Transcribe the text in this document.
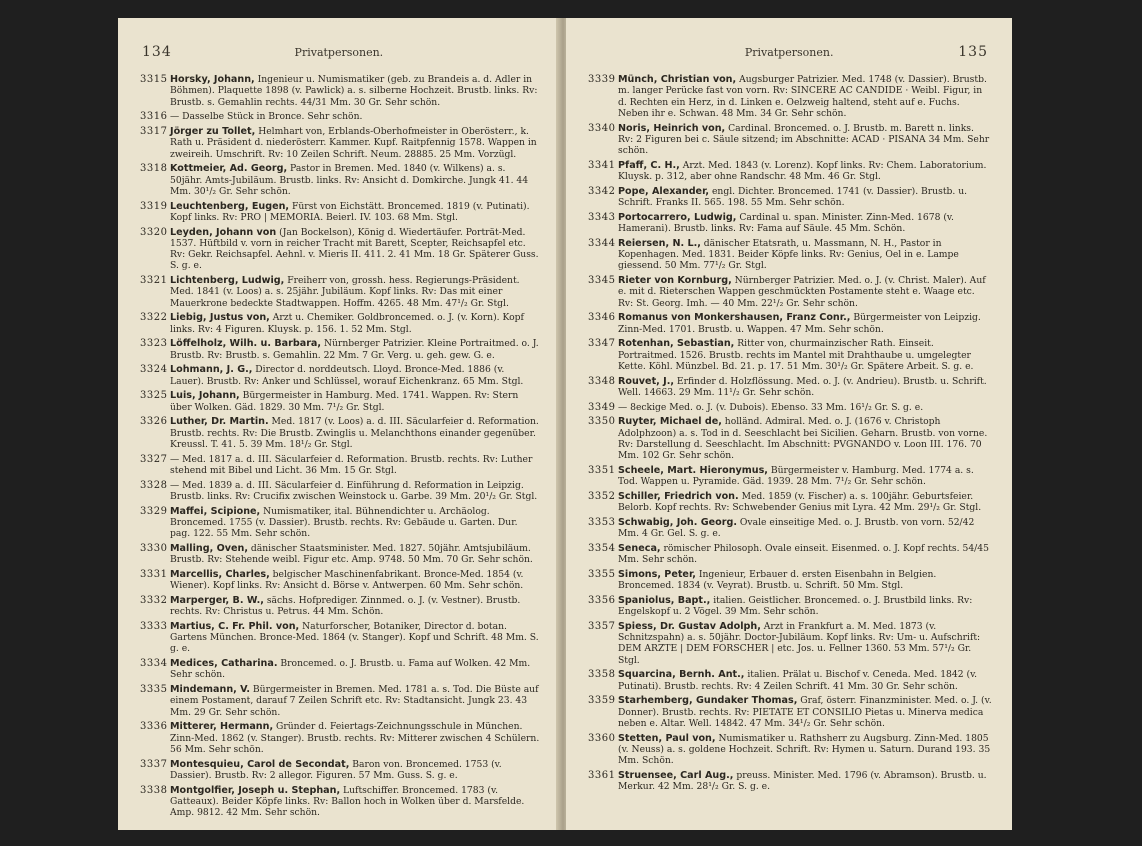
134	Privatpersonen.
3315 Horsky, Johann, Ingenieur u. Numismatiker (geb. zu Brandeis a. d. Adler in Böhmen). Plaquette 1898 (v. Pawlick) a. s. silberne Hochzeit. Brustb. links. Rv: Brustb. s. Gemahlin rechts. 44/31 Mm. 30 Gr. Sehr schön.
3316 — Dasselbe Stück in Bronce. Sehr schön.
3317 Jörger zu Tollet, Helmhart von, Erblands-Oberhofmeister in Oberösterr., k. Rath u. Präsident d. niederösterr. Kammer. Kupf. Raitpfennig 1578. Wappen in zweireih. Umschrift. Rv: 10 Zeilen Schrift. Neum. 28885. 25 Mm. Vorzügl.
3318 Kottmeier, Ad. Georg, Pastor in Bremen. Med. 1840 (v. Wilkens) a. s. 50jähr. Amts-Jubiläum. Brustb. links. Rv: Ansicht d. Domkirche. Jungk 41. 44 Mm. 30¹/₂ Gr. Sehr schön.
3319 Leuchtenberg, Eugen, Fürst von Eichstätt. Broncemed. 1819 (v. Putinati). Kopf links. Rv: PRO | MEMORIA. Beierl. IV. 103. 68 Mm. Stgl.
3320 Leyden, Johann von (Jan Bockelson), König d. Wiedertäufer. Porträt-Med. 1537. Hüftbild v. vorn in reicher Tracht mit Barett, Scepter, Reichsapfel etc. Rv: Gekr. Reichsapfel. Aehnl. v. Mieris II. 411. 2. 41 Mm. 18 Gr. Späterer Guss. S. g. e.
3321 Lichtenberg, Ludwig, Freiherr von, grossh. hess. Regierungs-Präsident. Med. 1841 (v. Loos) a. s. 25jähr. Jubiläum. Kopf links. Rv: Das mit einer Mauerkrone bedeckte Stadtwappen. Hoffm. 4265. 48 Mm. 47¹/₂ Gr. Stgl.
3322 Liebig, Justus von, Arzt u. Chemiker. Goldbroncemed. o. J. (v. Korn). Kopf links. Rv: 4 Figuren. Kluysk. p. 156. 1. 52 Mm. Stgl.
3323 Löffelholz, Wilh. u. Barbara, Nürnberger Patrizier. Kleine Portraitmed. o. J. Brustb. Rv: Brustb. s. Gemahlin. 22 Mm. 7 Gr. Verg. u. geh. gew. G. e.
3324 Lohmann, J. G., Director d. norddeutsch. Lloyd. Bronce-Med. 1886 (v. Lauer). Brustb. Rv: Anker und Schlüssel, worauf Eichenkranz. 65 Mm. Stgl.
3325 Luis, Johann, Bürgermeister in Hamburg. Med. 1741. Wappen. Rv: Stern über Wolken. Gäd. 1829. 30 Mm. 7¹/₂ Gr. Stgl.
3326 Luther, Dr. Martin. Med. 1817 (v. Loos) a. d. III. Säcularfeier d. Reformation. Brustb. rechts. Rv: Die Brustb. Zwinglis u. Melanchthons einander gegenüber. Kreussl. T. 41. 5. 39 Mm. 18¹/₂ Gr. Stgl.
3327 — Med. 1817 a. d. III. Säcularfeier d. Reformation. Brustb. rechts. Rv: Luther stehend mit Bibel und Licht. 36 Mm. 15 Gr. Stgl.
3328 — Med. 1839 a. d. III. Säcularfeier d. Einführung d. Reformation in Leipzig. Brustb. links. Rv: Crucifix zwischen Weinstock u. Garbe. 39 Mm. 20¹/₂ Gr. Stgl.
3329 Maffei, Scipione, Numismatiker, ital. Bühnendichter u. Archäolog. Broncemed. 1755 (v. Dassier). Brustb. rechts. Rv: Gebäude u. Garten. Dur. pag. 122. 55 Mm. Sehr schön.
3330 Malling, Oven, dänischer Staatsminister. Med. 1827. 50jähr. Amtsjubiläum. Brustb. Rv: Stehende weibl. Figur etc. Amp. 9748. 50 Mm. 70 Gr. Sehr schön.
3331 Marcellis, Charles, belgischer Maschinenfabrikant. Bronce-Med. 1854 (v. Wiener). Kopf links. Rv: Ansicht d. Börse v. Antwerpen. 60 Mm. Sehr schön.
3332 Marperger, B. W., sächs. Hofprediger. Zinnmed. o. J. (v. Vestner). Brustb. rechts. Rv: Christus u. Petrus. 44 Mm. Schön.
3333 Martius, C. Fr. Phil. von, Naturforscher, Botaniker, Director d. botan. Gartens München. Bronce-Med. 1864 (v. Stanger). Kopf und Schrift. 48 Mm. S. g. e.
3334 Medices, Catharina. Broncemed. o. J. Brustb. u. Fama auf Wolken. 42 Mm. Sehr schön.
3335 Mindemann, V. Bürgermeister in Bremen. Med. 1781 a. s. Tod. Die Büste auf einem Postament, darauf 7 Zeilen Schrift etc. Rv: Stadtansicht. Jungk 23. 43 Mm. 29 Gr. Sehr schön.
3336 Mitterer, Hermann, Gründer d. Feiertags-Zeichnungsschule in München. Zinn-Med. 1862 (v. Stanger). Brustb. rechts. Rv: Mitterer zwischen 4 Schülern. 56 Mm. Sehr schön.
3337 Montesquieu, Carol de Secondat, Baron von. Broncemed. 1753 (v. Dassier). Brustb. Rv: 2 allegor. Figuren. 57 Mm. Guss. S. g. e.
3338 Montgolfier, Joseph u. Stephan, Luftschiffer. Broncemed. 1783 (v. Gatteaux). Beider Köpfe links. Rv: Ballon hoch in Wolken über d. Marsfelde. Amp. 9812. 42 Mm. Sehr schön.
Privatpersonen.	135
3339 Münch, Christian von, Augsburger Patrizier. Med. 1748 (v. Dassier). Brustb. m. langer Perücke fast von vorn. Rv: SINCERE AC CANDIDE · Weibl. Figur, in d. Rechten ein Herz, in d. Linken e. Oelzweig haltend, steht auf e. Fuchs. Neben ihr e. Schwan. 48 Mm. 34 Gr. Sehr schön.
3340 Noris, Heinrich von, Cardinal. Broncemed. o. J. Brustb. m. Barett n. links. Rv: 2 Figuren bei c. Säule sitzend; im Abschnitte: ACAD · PISANA 34 Mm. Sehr schön.
3341 Pfaff, C. H., Arzt. Med. 1843 (v. Lorenz). Kopf links. Rv: Chem. Laboratorium. Kluysk. p. 312, aber ohne Randschr. 48 Mm. 46 Gr. Stgl.
3342 Pope, Alexander, engl. Dichter. Broncemed. 1741 (v. Dassier). Brustb. u. Schrift. Franks II. 565. 198. 55 Mm. Sehr schön.
3343 Portocarrero, Ludwig, Cardinal u. span. Minister. Zinn-Med. 1678 (v. Hamerani). Brustb. links. Rv: Fama auf Säule. 45 Mm. Schön.
3344 Reiersen, N. L., dänischer Etatsrath, u. Massmann, N. H., Pastor in Kopenhagen. Med. 1831. Beider Köpfe links. Rv: Genius, Oel in e. Lampe giessend. 50 Mm. 77¹/₂ Gr. Stgl.
3345 Rieter von Kornburg, Nürnberger Patrizier. Med. o. J. (v. Christ. Maler). Auf e. mit d. Rieterschen Wappen geschmückten Postamente steht e. Waage etc. Rv: St. Georg. Imh. — 40 Mm. 22¹/₂ Gr. Sehr schön.
3346 Romanus von Monkershausen, Franz Conr., Bürgermeister von Leipzig. Zinn-Med. 1701. Brustb. u. Wappen. 47 Mm. Sehr schön.
3347 Rotenhan, Sebastian, Ritter von, churmainzischer Rath. Einseit. Portraitmed. 1526. Brustb. rechts im Mantel mit Drahthaube u. umgelegter Kette. Köhl. Münzbel. Bd. 21. p. 17. 51 Mm. 30¹/₂ Gr. Spätere Arbeit. S. g. e.
3348 Rouvet, J., Erfinder d. Holzflössung. Med. o. J. (v. Andrieu). Brustb. u. Schrift. Well. 14663. 29 Mm. 11¹/₂ Gr. Sehr schön.
3349 — 8eckige Med. o. J. (v. Dubois). Ebenso. 33 Mm. 16¹/₂ Gr. S. g. e.
3350 Ruyter, Michael de, holländ. Admiral. Med. o. J. (1676 v. Christoph Adolphzoon) a. s. Tod in d. Seeschlacht bei Sicilien. Geharn. Brustb. von vorne. Rv: Darstellung d. Seeschlacht. Im Abschnitt: PVGNANDO v. Loon III. 176. 70 Mm. 102 Gr. Sehr schön.
3351 Scheele, Mart. Hieronymus, Bürgermeister v. Hamburg. Med. 1774 a. s. Tod. Wappen u. Pyramide. Gäd. 1939. 28 Mm. 7¹/₂ Gr. Sehr schön.
3352 Schiller, Friedrich von. Med. 1859 (v. Fischer) a. s. 100jähr. Geburtsfeier. Belorb. Kopf rechts. Rv: Schwebender Genius mit Lyra. 42 Mm. 29¹/₂ Gr. Stgl.
3353 Schwabig, Joh. Georg. Ovale einseitige Med. o. J. Brustb. von vorn. 52/42 Mm. 4 Gr. Gel. S. g. e.
3354 Seneca, römischer Philosoph. Ovale einseit. Eisenmed. o. J. Kopf rechts. 54/45 Mm. Sehr schön.
3355 Simons, Peter, Ingenieur, Erbauer d. ersten Eisenbahn in Belgien. Broncemed. 1834 (v. Veyrat). Brustb. u. Schrift. 50 Mm. Stgl.
3356 Spaniolus, Bapt., italien. Geistlicher. Broncemed. o. J. Brustbild links. Rv: Engelskopf u. 2 Vögel. 39 Mm. Sehr schön.
3357 Spiess, Dr. Gustav Adolph, Arzt in Frankfurt a. M. Med. 1873 (v. Schnitzspahn) a. s. 50jähr. Doctor-Jubiläum. Kopf links. Rv: Um- u. Aufschrift: DEM ARZTE | DEM FORSCHER | etc. Jos. u. Fellner 1360. 53 Mm. 57¹/₂ Gr. Stgl.
3358 Squarcina, Bernh. Ant., italien. Prälat u. Bischof v. Ceneda. Med. 1842 (v. Putinati). Brustb. rechts. Rv: 4 Zeilen Schrift. 41 Mm. 30 Gr. Sehr schön.
3359 Starhemberg, Gundaker Thomas, Graf, österr. Finanzminister. Med. o. J. (v. Donner). Brustb. rechts. Rv: PIETATE ET CONSILIO Pietas u. Minerva medica neben e. Altar. Well. 14842. 47 Mm. 34¹/₂ Gr. Sehr schön.
3360 Stetten, Paul von, Numismatiker u. Rathsherr zu Augsburg. Zinn-Med. 1805 (v. Neuss) a. s. goldene Hochzeit. Schrift. Rv: Hymen u. Saturn. Durand 193. 35 Mm. Schön.
3361 Struensee, Carl Aug., preuss. Minister. Med. 1796 (v. Abramson). Brustb. u. Merkur. 42 Mm. 28¹/₂ Gr. S. g. e.
